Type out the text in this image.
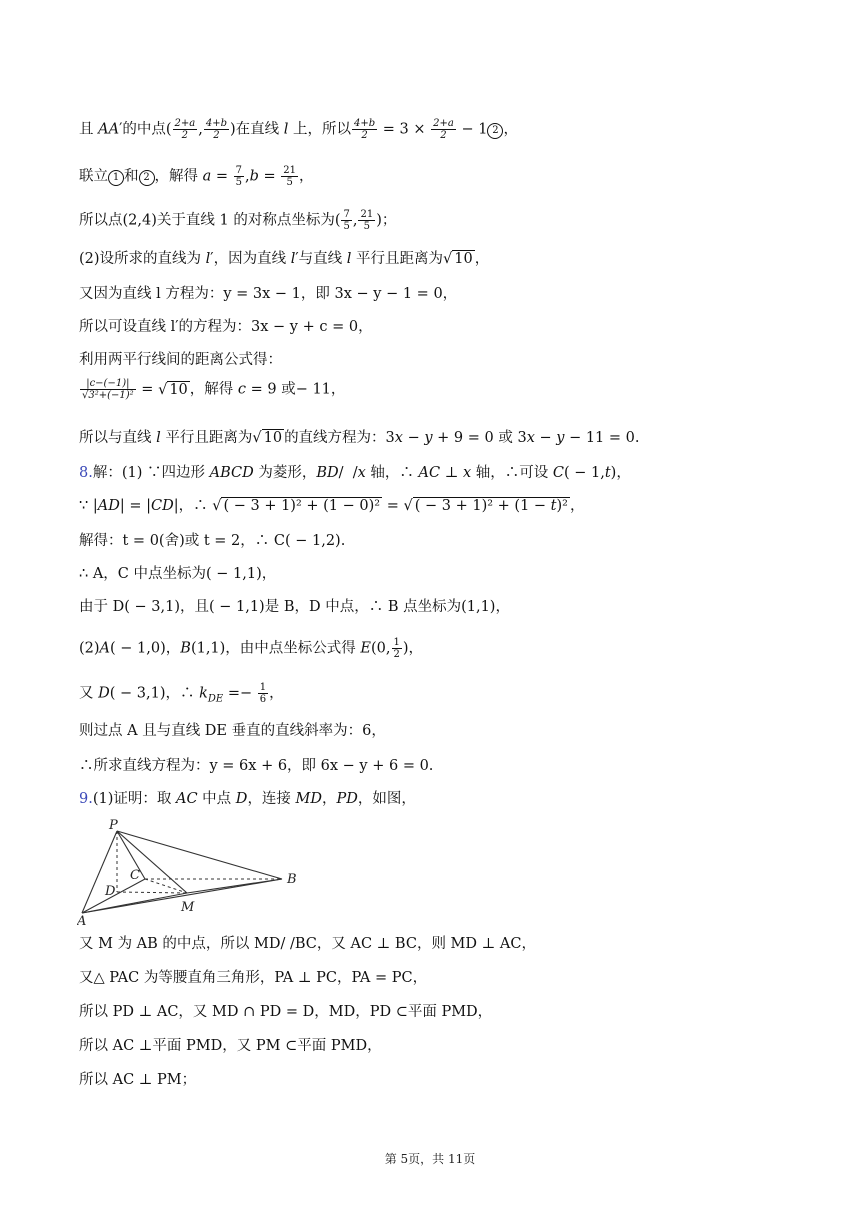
且 AA′的中点( $\frac{2+a}{2}$ , $\frac{4+b}{2}$ )在直线 l 上，所以 $\frac{4+b}{2} = 3 \times \frac{2+a}{2} - 1$ 2 ，
联立 1 和 2 ，解得 $a = \frac{7}{5} ,b = \frac{21}{5}$ ，
所以点(2,4)关于直线 1 的对称点坐标为( $\frac{7}{5}$ , $\frac{21}{5}$ )；
(2)设所求的直线为 l′，因为直线 l′与直线 l 平行且距离为√ 10 ，
又因为直线 l 方程为：y = 3x − 1，即 3x − y − 1 = 0，
所以可设直线 l′的方程为：3x − y + c = 0，
利用两平行线间的距离公式得：
$\frac{|c-(-1)|}{\text{√3²+(−1)²}}$ = √ 10 ，解得 c = 9 或− 11，
所以与直线 l 平行且距离为√ 10 的直线方程为：3x − y + 9 = 0 或 3x − y − 11 = 0.
8.解：(1) ∵四边形 ABCD 为菱形，BD/  /x 轴，∴ AC ⊥ x 轴，∴可设 C( − 1,t)，
∵ |AD| = |CD|，∴ √ ( − 3 + 1)² + (1 − 0)² = √ ( − 3 + 1)² + (1 − t)² ，
解得：t = 0(舍)或 t = 2，∴ C( − 1,2).
∴ A，C 中点坐标为( − 1,1)，
由于 D( − 3,1)，且( − 1,1)是 B，D 中点，∴ B 点坐标为(1,1)，
(2)A( − 1,0)，B(1,1)，由中点坐标公式得 E(0, $\frac{1}{2}$ )，
又 D( − 3,1)，∴ $k_{DE} =- \frac{1}{6}$ ，
则过点 A 且与直线 DE 垂直的直线斜率为：6，
∴所求直线方程为：y = 6x + 6，即 6x − y + 6 = 0.
9.(1)证明：取 AC 中点 D，连接 MD，PD，如图，
P
A
B
C
D
M
又 M 为 AB 的中点，所以 MD/ /BC，又 AC ⊥ BC，则 MD ⊥ AC，
又△ PAC 为等腰直角三角形，PA ⊥ PC，PA = PC，
所以 PD ⊥ AC，又 MD ∩ PD = D，MD，PD ⊂平面 PMD，
所以 AC ⊥平面 PMD，又 PM ⊂平面 PMD，
所以 AC ⊥ PM；
第 5页，共 11页
